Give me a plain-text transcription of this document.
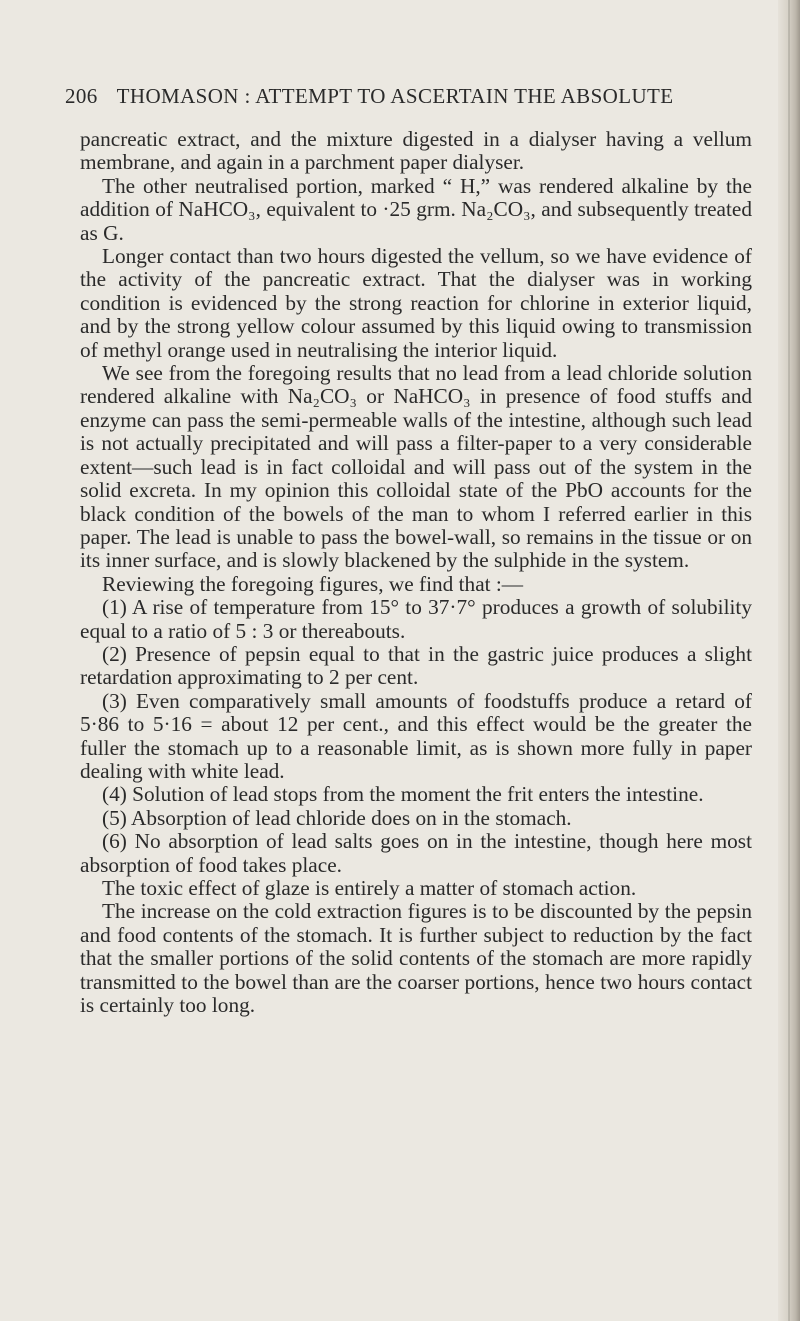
206 THOMASON : ATTEMPT TO ASCERTAIN THE ABSOLUTE

pancreatic extract, and the mixture digested in a dialyser having a vellum membrane, and again in a parchment paper dialyser.

The other neutralised portion, marked “ H,” was rendered alkaline by the addition of NaHCO₃, equivalent to ·25 grm. Na₂CO₃, and subsequently treated as G.

Longer contact than two hours digested the vellum, so we have evidence of the activity of the pancreatic extract. That the dialyser was in working condition is evidenced by the strong reaction for chlorine in exterior liquid, and by the strong yellow colour assumed by this liquid owing to transmission of methyl orange used in neutralising the interior liquid.

We see from the foregoing results that no lead from a lead chloride solution rendered alkaline with Na₂CO₃ or NaHCO₃ in presence of food stuffs and enzyme can pass the semi-permeable walls of the intestine, although such lead is not actually precipitated and will pass a filter-paper to a very considerable extent—such lead is in fact colloidal and will pass out of the system in the solid excreta. In my opinion this colloidal state of the PbO accounts for the black condition of the bowels of the man to whom I referred earlier in this paper. The lead is unable to pass the bowel-wall, so remains in the tissue or on its inner surface, and is slowly blackened by the sulphide in the system.

Reviewing the foregoing figures, we find that :—

(1) A rise of temperature from 15° to 37·7° produces a growth of solubility equal to a ratio of 5 : 3 or thereabouts.

(2) Presence of pepsin equal to that in the gastric juice produces a slight retardation approximating to 2 per cent.

(3) Even comparatively small amounts of foodstuffs produce a retard of 5·86 to 5·16 = about 12 per cent., and this effect would be the greater the fuller the stomach up to a reasonable limit, as is shown more fully in paper dealing with white lead.

(4) Solution of lead stops from the moment the frit enters the intestine.

(5) Absorption of lead chloride does on in the stomach.

(6) No absorption of lead salts goes on in the intestine, though here most absorption of food takes place.

The toxic effect of glaze is entirely a matter of stomach action.

The increase on the cold extraction figures is to be discounted by the pepsin and food contents of the stomach. It is further subject to reduction by the fact that the smaller portions of the solid contents of the stomach are more rapidly transmitted to the bowel than are the coarser portions, hence two hours contact is certainly too long.
